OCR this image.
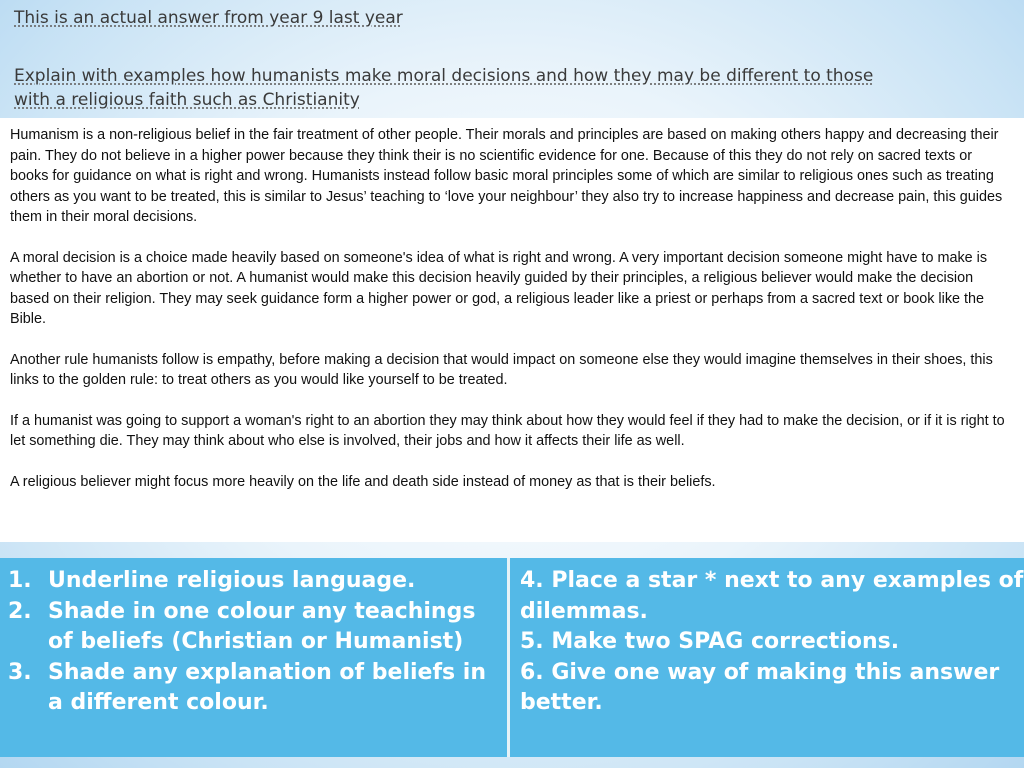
This is an actual answer from year 9 last year
Explain with examples how humanists make moral decisions and how they may be different to those
with a religious faith such as Christianity

Humanism is a non-religious belief in the fair treatment of other people. Their morals and principles are based on making others happy and decreasing their pain. They do not believe in a higher power because they think their is no scientific evidence for one. Because of this they do not rely on sacred texts or books for guidance on what is right and wrong. Humanists instead follow basic moral principles some of which are similar to religious ones such as treating others as you want to be treated, this is similar to Jesus’ teaching to ‘love your neighbour’ they also try to increase happiness and decrease pain, this guides them in their moral decisions.

A moral decision is a choice made heavily based on someone's idea of what is right and wrong. A very important decision someone might have to make is whether to have an abortion or not. A humanist would make this decision heavily guided by their principles, a religious believer would make the decision based on their religion. They may seek guidance form a higher power or god, a religious leader like a priest or perhaps from a sacred text or book like the Bible.

Another rule humanists follow is empathy, before making a decision that would impact on someone else they would imagine themselves in their shoes, this links to the golden rule: to treat others as you would like yourself to be treated.

If a humanist was going to support a woman's right to an abortion they may think about how they would feel if they had to make the decision, or if it is right to let something die. They may think about who else is involved, their jobs and how it affects their life as well.

A religious believer might focus more heavily on the life and death side instead of money as that is their beliefs.

1. Underline religious language.
2. Shade in one colour any teachings of beliefs (Christian or Humanist)
3. Shade any explanation of beliefs in a different colour.
4. Place a star * next to any examples of dilemmas.
5. Make two SPAG corrections.
6. Give one way of making this answer better.
